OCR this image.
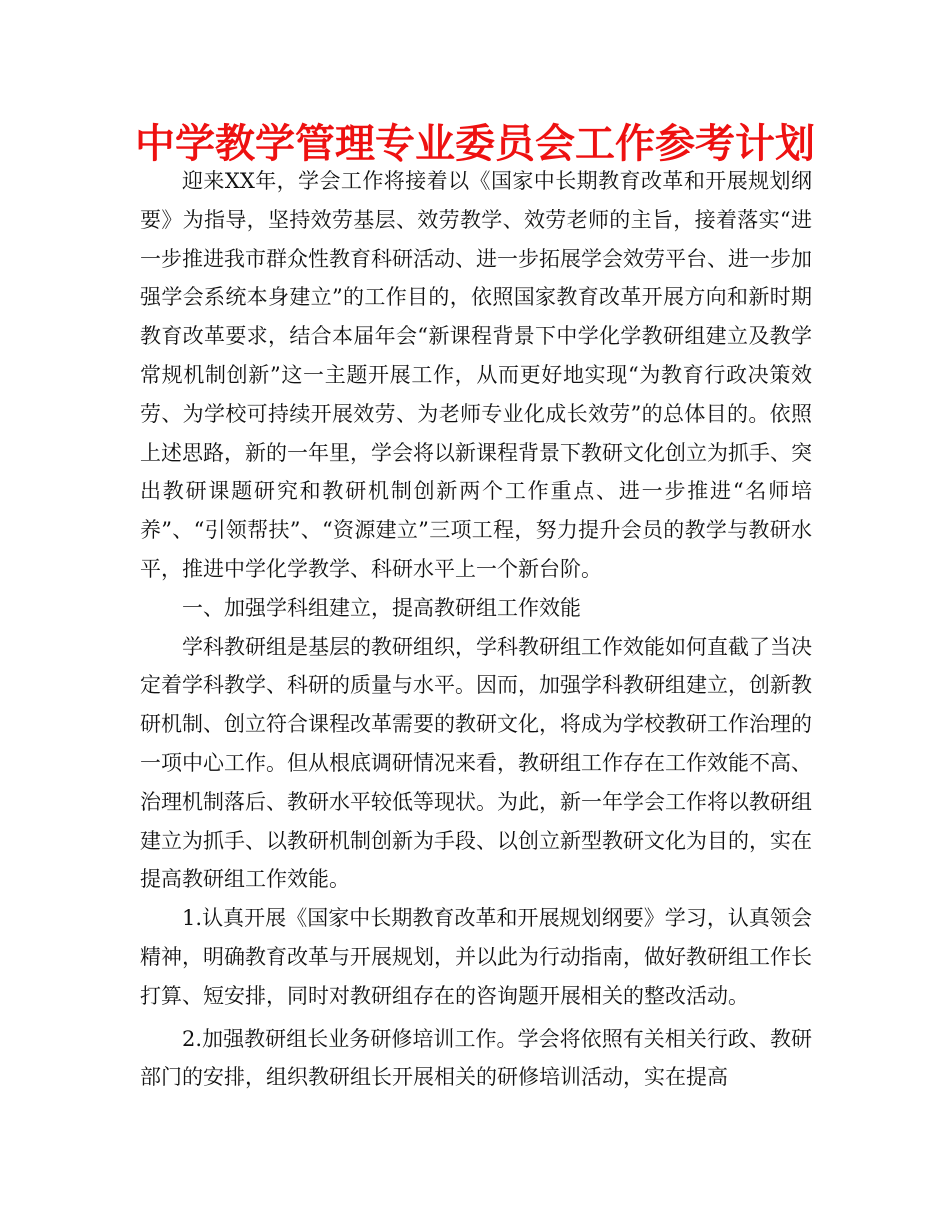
中学教学管理专业委员会工作参考计划

迎来XX年，学会工作将接着以《国家中长期教育改革和开展规划纲要》为指导，坚持效劳基层、效劳教学、效劳老师的主旨，接着落实“进一步推进我市群众性教育科研活动、进一步拓展学会效劳平台、进一步加强学会系统本身建立”的工作目的，依照国家教育改革开展方向和新时期教育改革要求，结合本届年会“新课程背景下中学化学教研组建立及教学常规机制创新”这一主题开展工作，从而更好地实现“为教育行政决策效劳、为学校可持续开展效劳、为老师专业化成长效劳”的总体目的。依照上述思路，新的一年里，学会将以新课程背景下教研文化创立为抓手、突出教研课题研究和教研机制创新两个工作重点、进一步推进“名师培养”、“引领帮扶”、“资源建立”三项工程，努力提升会员的教学与教研水平，推进中学化学教学、科研水平上一个新台阶。

一、加强学科组建立，提高教研组工作效能

学科教研组是基层的教研组织，学科教研组工作效能如何直截了当决定着学科教学、科研的质量与水平。因而，加强学科教研组建立，创新教研机制、创立符合课程改革需要的教研文化，将成为学校教研工作治理的一项中心工作。但从根底调研情况来看，教研组工作存在工作效能不高、治理机制落后、教研水平较低等现状。为此，新一年学会工作将以教研组建立为抓手、以教研机制创新为手段、以创立新型教研文化为目的，实在提高教研组工作效能。

1.认真开展《国家中长期教育改革和开展规划纲要》学习，认真领会精神，明确教育改革与开展规划，并以此为行动指南，做好教研组工作长打算、短安排，同时对教研组存在的咨询题开展相关的整改活动。

2.加强教研组长业务研修培训工作。学会将依照有关相关行政、教研部门的安排，组织教研组长开展相关的研修培训活动，实在提高
